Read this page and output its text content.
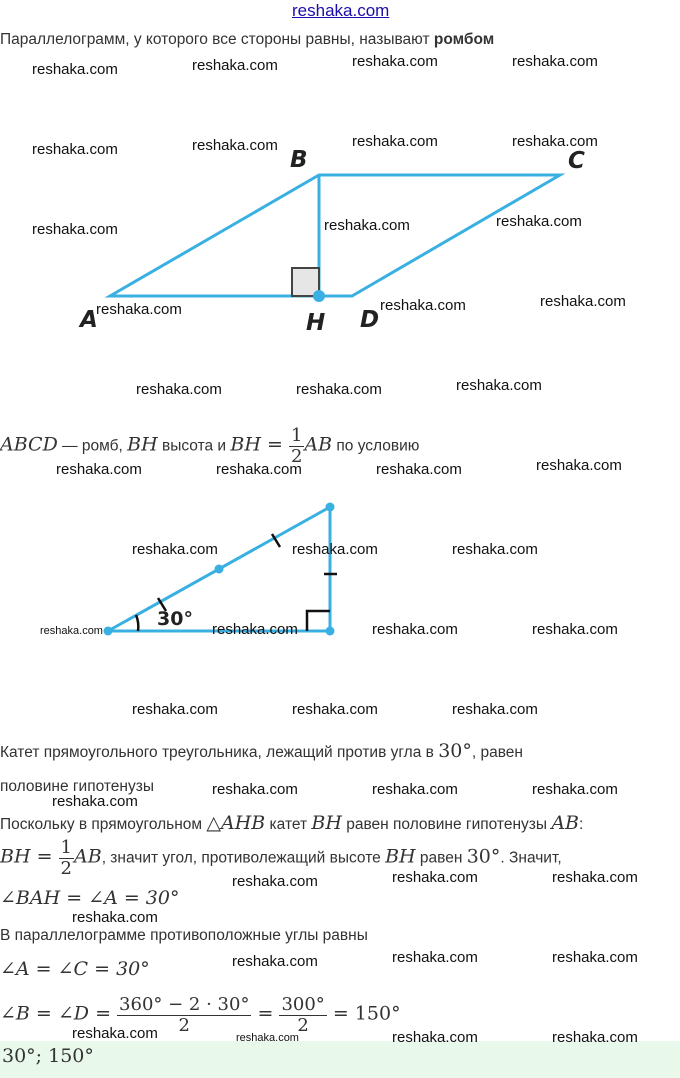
reshaka.com
Параллелограмм, у которого все стороны равны, называют ромбом
B	C
A	H D
ABCD — ромб, BH высота и BH = $\frac{1}{2}$ AB по условию
30°
Катет прямоугольного треугольника, лежащий против угла в 30°, равен
половине гипотенузы
Поскольку в прямоугольном △AHB катет BH равен половине гипотенузы AB:
BH = $\frac{1}{2}$ AB, значит угол, противолежащий высоте BH равен 30°. Значит,
∠BAH = ∠A = 30°
В параллелограмме противоположные углы равны
∠A = ∠C = 30°
∠B = ∠D = $\frac{360^\circ - 2 \cdot 30^\circ}{2} = \frac{300^\circ}{2} = 150^\circ$
30°; 150°
reshaka.com	reshaka.com	reshaka.com	reshaka.com
reshaka.com	reshaka.com	reshaka.com	reshaka.com
reshaka.com	reshaka.com	reshaka.com
reshaka.com	reshaka.com	reshaka.com
reshaka.com	reshaka.com	reshaka.com
reshaka.com	reshaka.com	reshaka.com	reshaka.com
reshaka.com	reshaka.com	reshaka.com
reshaka.com	reshaka.com	reshaka.com	reshaka.com
reshaka.com	reshaka.com	reshaka.com
reshaka.com	reshaka.com	reshaka.com
reshaka.com
reshaka.com	reshaka.com	reshaka.com
reshaka.com
reshaka.com	reshaka.com	reshaka.com
reshaka.com	reshaka.com	reshaka.com	reshaka.com
